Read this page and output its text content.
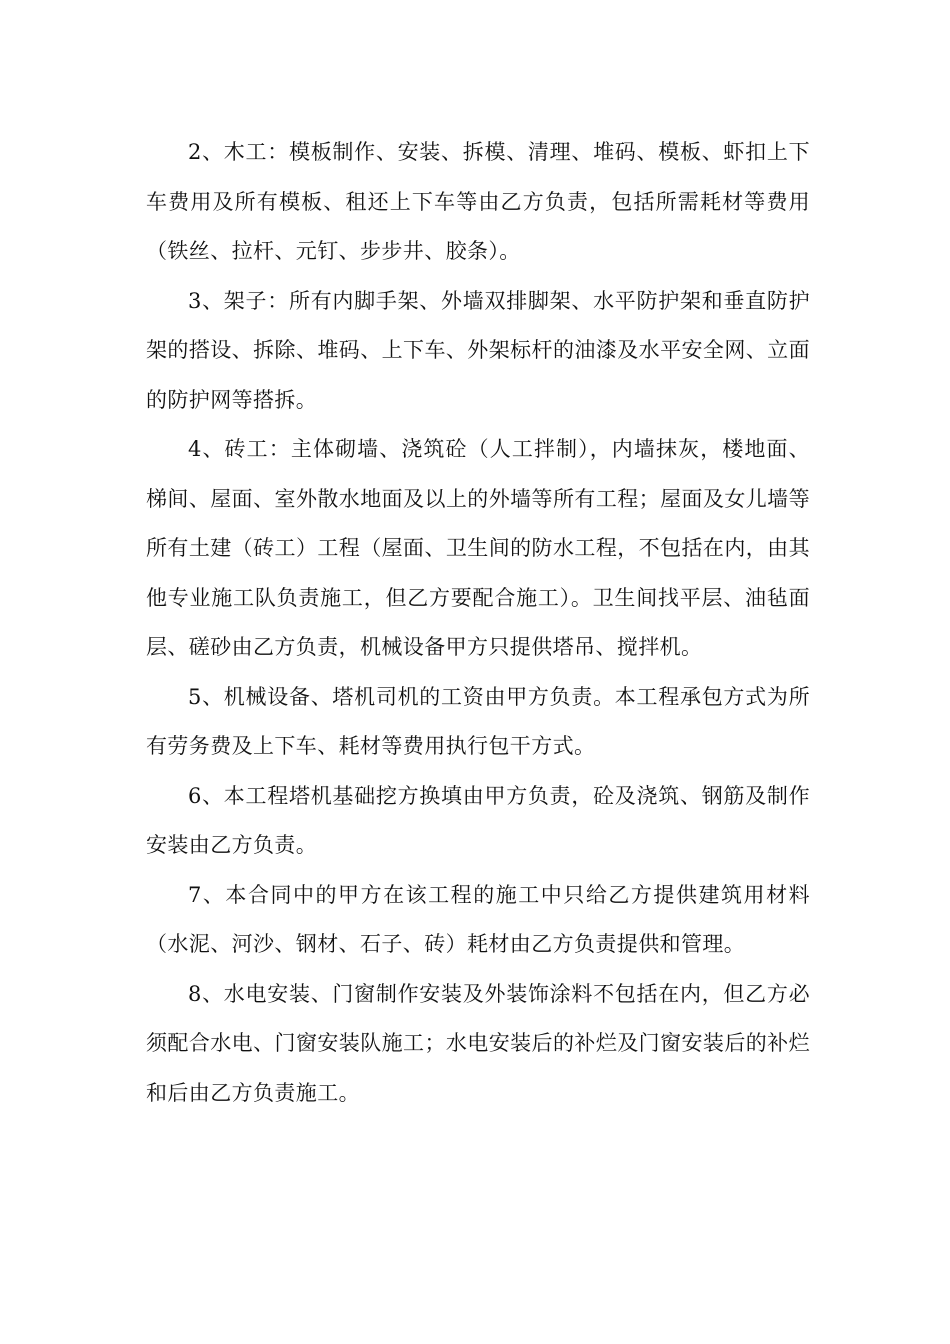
2、木工：模板制作、安装、拆模、清理、堆码、模板、虾扣上下车费用及所有模板、租还上下车等由乙方负责，包括所需耗材等费用（铁丝、拉杆、元钉、步步井、胶条）。

3、架子：所有内脚手架、外墙双排脚架、水平防护架和垂直防护架的搭设、拆除、堆码、上下车、外架标杆的油漆及水平安全网、立面的防护网等搭拆。

4、砖工：主体砌墙、浇筑砼（人工拌制），内墙抹灰，楼地面、梯间、屋面、室外散水地面及以上的外墙等所有工程；屋面及女儿墙等所有土建（砖工）工程（屋面、卫生间的防水工程，不包括在内，由其他专业施工队负责施工，但乙方要配合施工）。卫生间找平层、油毡面层、磋砂由乙方负责，机械设备甲方只提供塔吊、搅拌机。

5、机械设备、塔机司机的工资由甲方负责。本工程承包方式为所有劳务费及上下车、耗材等费用执行包干方式。

6、本工程塔机基础挖方换填由甲方负责，砼及浇筑、钢筋及制作安装由乙方负责。

7、本合同中的甲方在该工程的施工中只给乙方提供建筑用材料（水泥、河沙、钢材、石子、砖）耗材由乙方负责提供和管理。

8、水电安装、门窗制作安装及外装饰涂料不包括在内，但乙方必须配合水电、门窗安装队施工；水电安装后的补烂及门窗安装后的补烂和后由乙方负责施工。
